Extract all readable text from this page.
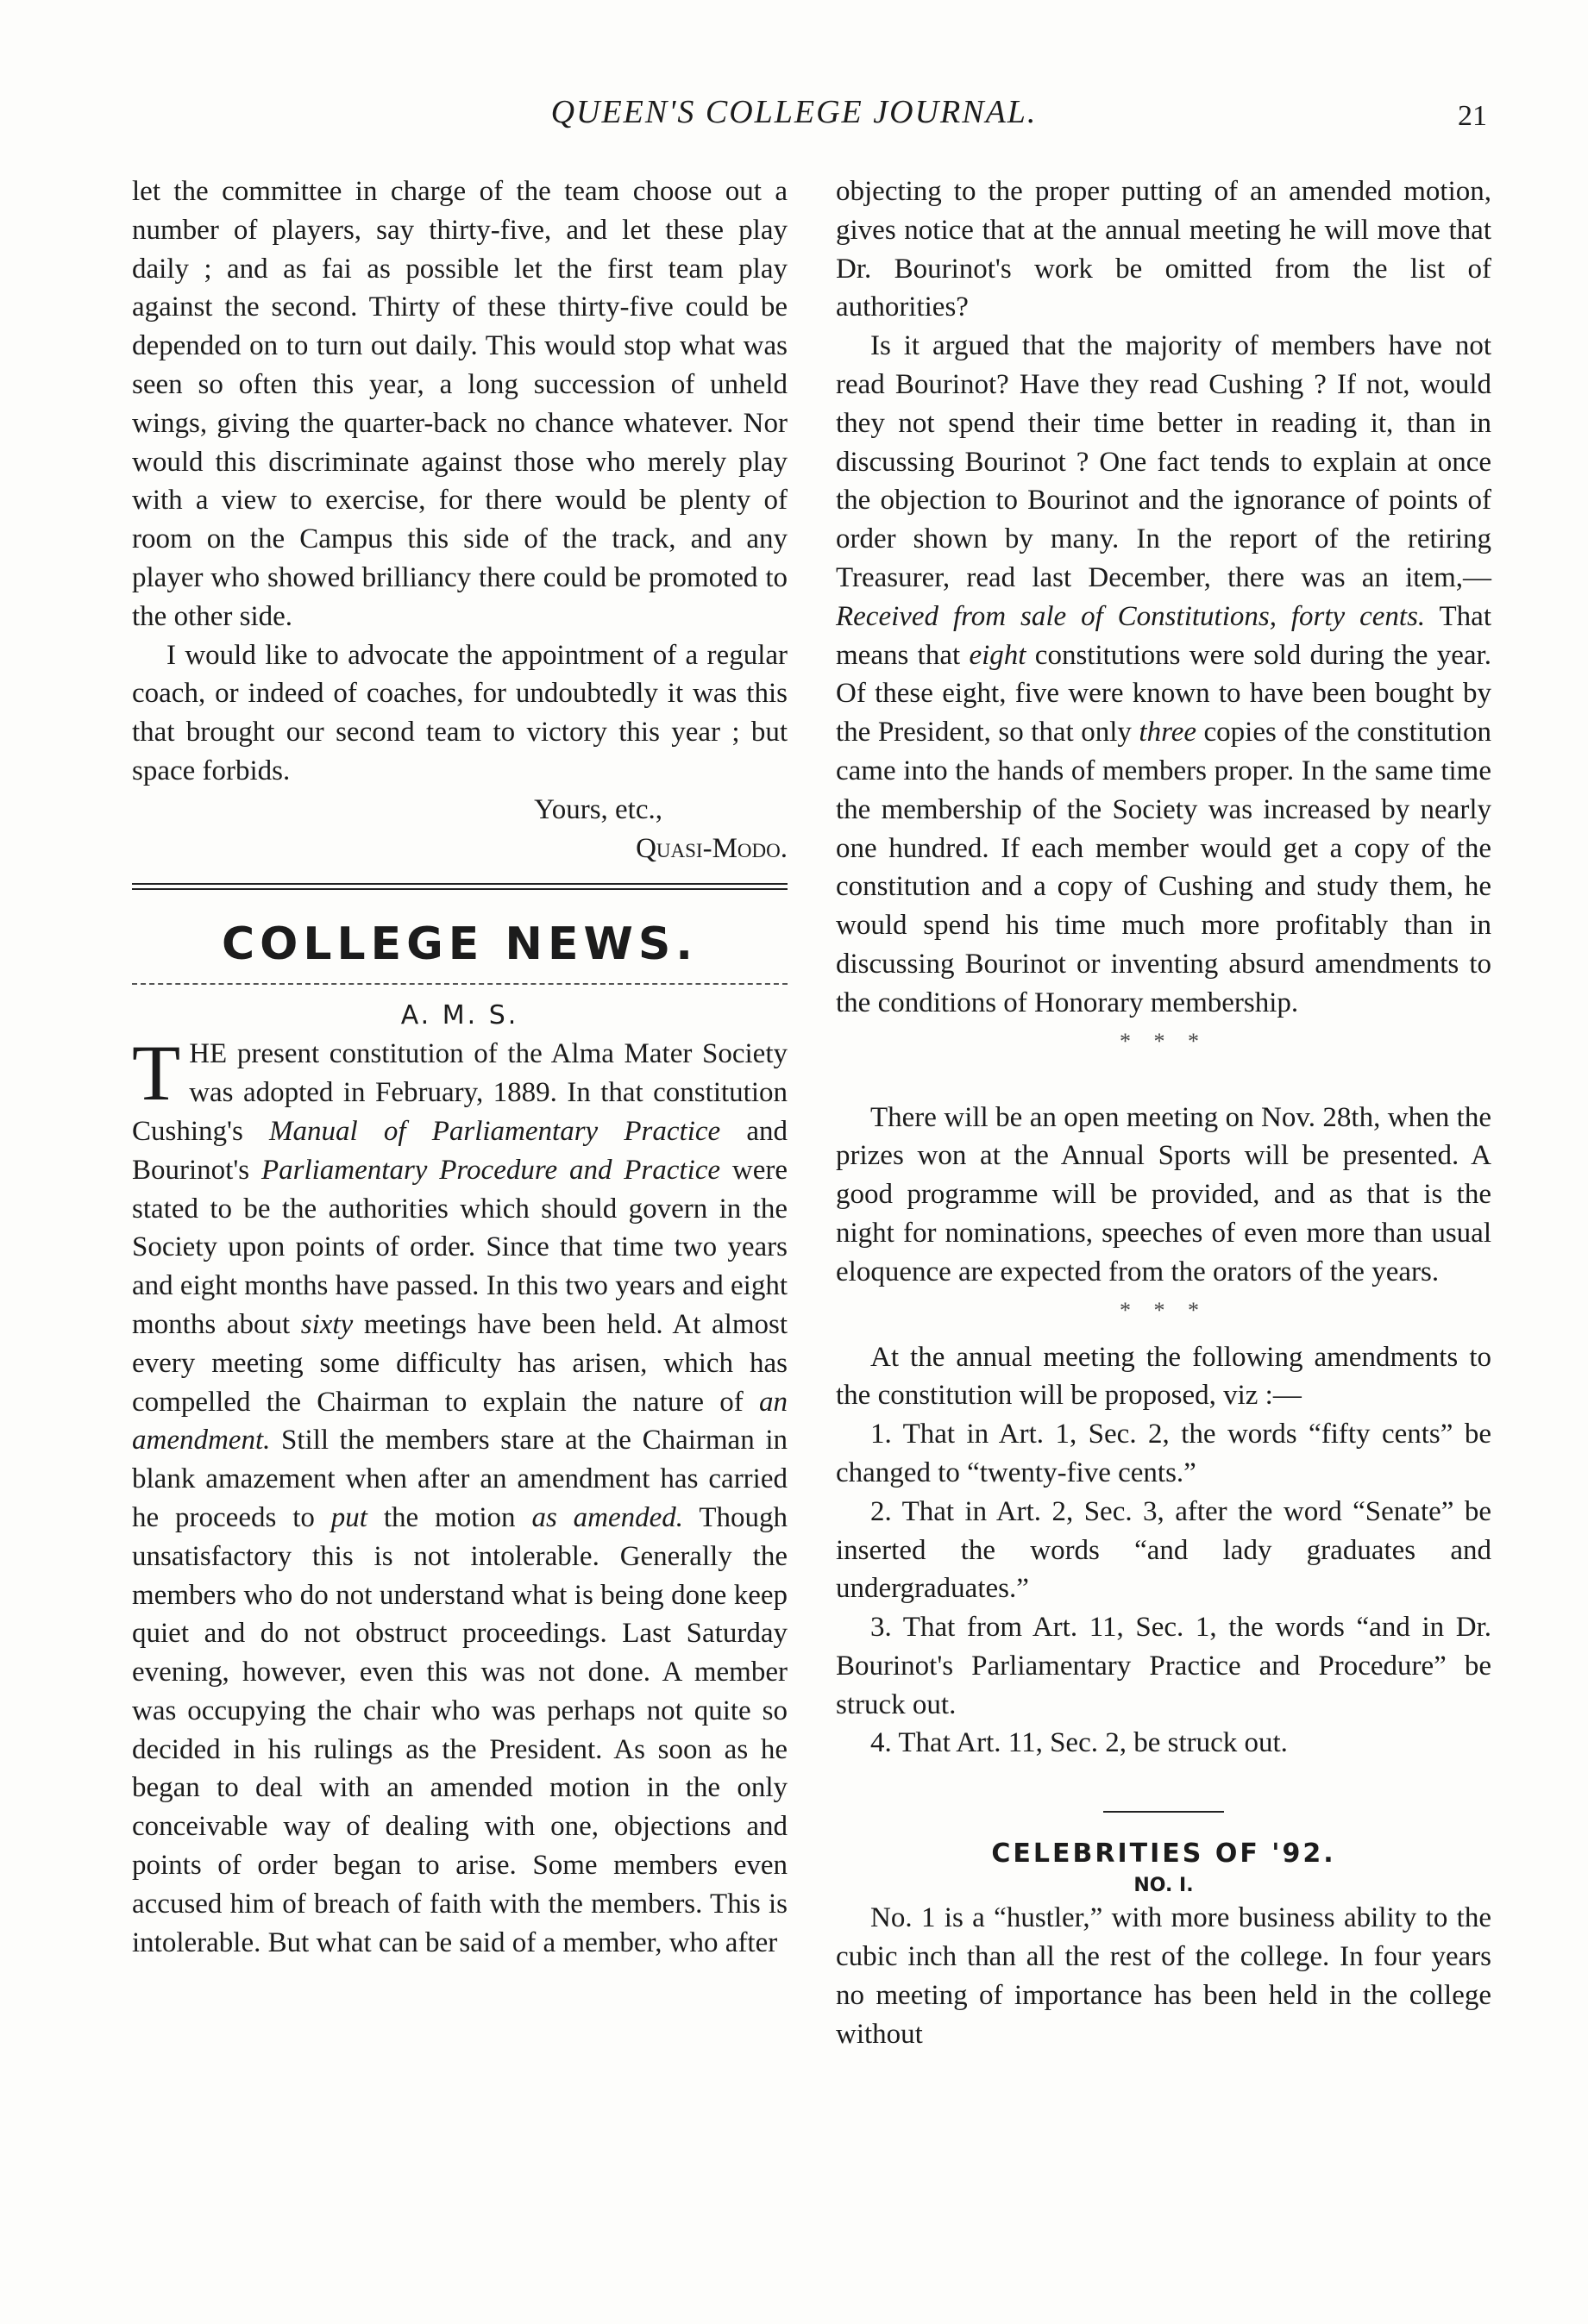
QUEEN'S COLLEGE JOURNAL.	21

let the committee in charge of the team choose out a number of players, say thirty-five, and let these play daily ; and as fai as possible let the first team play against the second. Thirty of these thirty-five could be depended on to turn out daily. This would stop what was seen so often this year, a long succession of unheld wings, giving the quarter-back no chance whatever. Nor would this discriminate against those who merely play with a view to exercise, for there would be plenty of room on the Campus this side of the track, and any player who showed brilliancy there could be promoted to the other side.

I would like to advocate the appointment of a regular coach, or indeed of coaches, for undoubtedly it was this that brought our second team to victory this year ; but space forbids.

Yours, etc.,

Quasi-Modo.

COLLEGE NEWS.
A. M. S.

THE present constitution of the Alma Mater Society was adopted in February, 1889. In that constitution Cushing's Manual of Parliamentary Practice and Bourinot's Parliamentary Procedure and Practice were stated to be the authorities which should govern in the Society upon points of order. Since that time two years and eight months have passed. In this two years and eight months about sixty meetings have been held. At almost every meeting some difficulty has arisen, which has compelled the Chairman to explain the nature of an amendment. Still the members stare at the Chairman in blank amazement when after an amendment has carried he proceeds to put the motion as amended. Though unsatisfactory this is not intolerable. Generally the members who do not understand what is being done keep quiet and do not obstruct proceedings. Last Saturday evening, however, even this was not done. A member was occupying the chair who was perhaps not quite so decided in his rulings as the President. As soon as he began to deal with an amended motion in the only conceivable way of dealing with one, objections and points of order began to arise. Some members even accused him of breach of faith with the members. This is intolerable. But what can be said of a member, who after

objecting to the proper putting of an amended motion, gives notice that at the annual meeting he will move that Dr. Bourinot's work be omitted from the list of authorities?

Is it argued that the majority of members have not read Bourinot? Have they read Cushing ? If not, would they not spend their time better in reading it, than in discussing Bourinot ? One fact tends to explain at once the objection to Bourinot and the ignorance of points of order shown by many. In the report of the retiring Treasurer, read last December, there was an item,—Received from sale of Constitutions, forty cents. That means that eight constitutions were sold during the year. Of these eight, five were known to have been bought by the President, so that only three copies of the constitution came into the hands of members proper. In the same time the membership of the Society was increased by nearly one hundred. If each member would get a copy of the constitution and a copy of Cushing and study them, he would spend his time much more profitably than in discussing Bourinot or inventing absurd amendments to the conditions of Honorary membership.

* * *

There will be an open meeting on Nov. 28th, when the prizes won at the Annual Sports will be presented. A good programme will be provided, and as that is the night for nominations, speeches of even more than usual eloquence are expected from the orators of the years.

* * *

At the annual meeting the following amendments to the constitution will be proposed, viz :—

1. That in Art. 1, Sec. 2, the words “fifty cents” be changed to “twenty-five cents.”

2. That in Art. 2, Sec. 3, after the word “Senate” be inserted the words “and lady graduates and undergraduates.”

3. That from Art. 11, Sec. 1, the words “and in Dr. Bourinot's Parliamentary Practice and Procedure” be struck out.

4. That Art. 11, Sec. 2, be struck out.

CELEBRITIES OF '92.
NO. I.

No. 1 is a “hustler,” with more business ability to the cubic inch than all the rest of the college. In four years no meeting of importance has been held in the college without
